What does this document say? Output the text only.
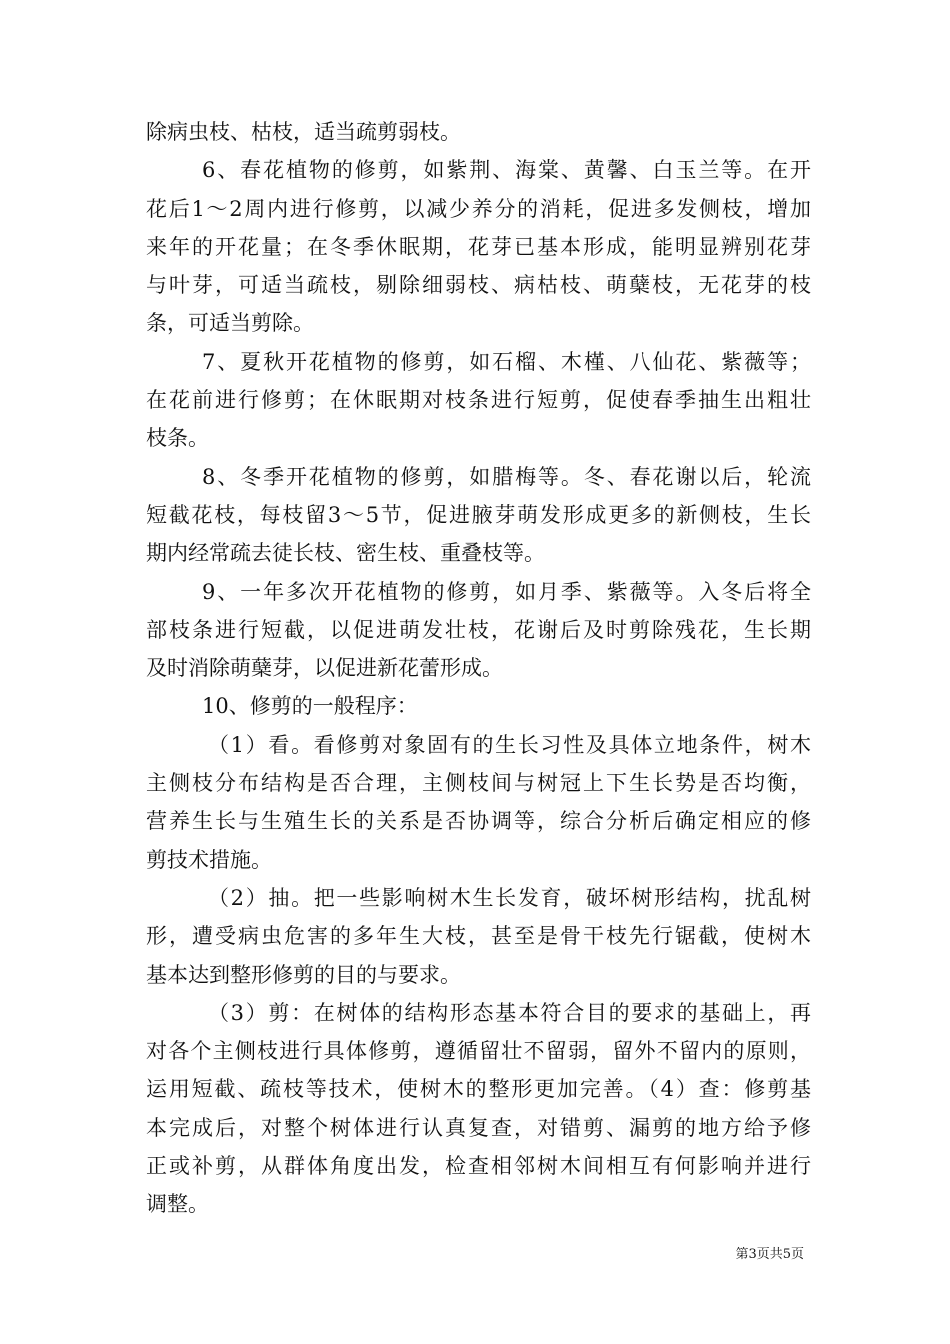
除病虫枝、枯枝，适当疏剪弱枝。
6、春花植物的修剪，如紫荆、海棠、黄馨、白玉兰等。在开
花后1～2周内进行修剪，以减少养分的消耗，促进多发侧枝，增加
来年的开花量；在冬季休眠期，花芽已基本形成，能明显辨别花芽
与叶芽，可适当疏枝，剔除细弱枝、病枯枝、萌蘖枝，无花芽的枝
条，可适当剪除。
7、夏秋开花植物的修剪，如石榴、木槿、八仙花、紫薇等；
在花前进行修剪；在休眠期对枝条进行短剪，促使春季抽生出粗壮
枝条。
8、冬季开花植物的修剪，如腊梅等。冬、春花谢以后，轮流
短截花枝，每枝留3～5节，促进腋芽萌发形成更多的新侧枝，生长
期内经常疏去徒长枝、密生枝、重叠枝等。
9、一年多次开花植物的修剪，如月季、紫薇等。入冬后将全
部枝条进行短截，以促进萌发壮枝，花谢后及时剪除残花，生长期
及时消除萌蘖芽，以促进新花蕾形成。
10、修剪的一般程序：
（1）看。看修剪对象固有的生长习性及具体立地条件，树木
主侧枝分布结构是否合理，主侧枝间与树冠上下生长势是否均衡，
营养生长与生殖生长的关系是否协调等，综合分析后确定相应的修
剪技术措施。
（2）抽。把一些影响树木生长发育，破坏树形结构，扰乱树
形，遭受病虫危害的多年生大枝，甚至是骨干枝先行锯截，使树木
基本达到整形修剪的目的与要求。
（3）剪：在树体的结构形态基本符合目的要求的基础上，再
对各个主侧枝进行具体修剪，遵循留壮不留弱，留外不留内的原则，
运用短截、疏枝等技术，使树木的整形更加完善。（4）查：修剪基
本完成后，对整个树体进行认真复查，对错剪、漏剪的地方给予修
正或补剪，从群体角度出发，检查相邻树木间相互有何影响并进行
调整。
第3页共5页
